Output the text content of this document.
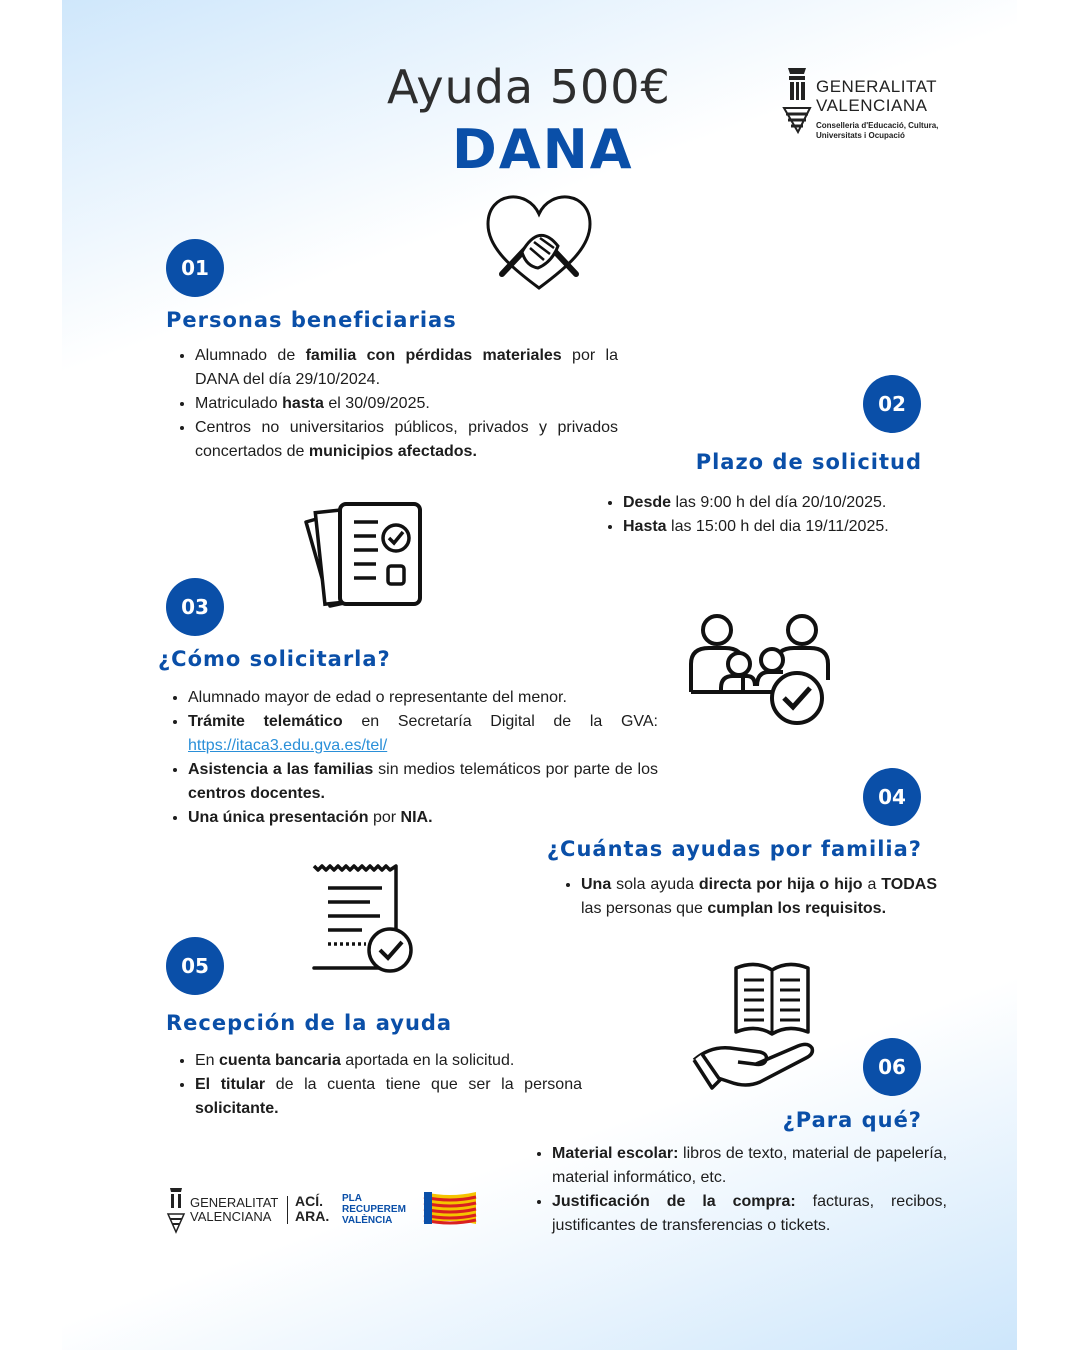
Ayuda 500€
DANA
GENERALITAT
VALENCIANA
Conselleria d'Educació, Cultura,
Universitats i Ocupació
01
Personas beneficiarias
• Alumnado de familia con pérdidas materiales por la DANA del día 29/10/2024.
• Matriculado hasta el 30/09/2025.
• Centros no universitarios públicos, privados y privados concertados de municipios afectados.
02
Plazo de solicitud
• Desde las 9:00 h del día 20/10/2025.
• Hasta las 15:00 h del dia 19/11/2025.
03
¿Cómo solicitarla?
• Alumnado mayor de edad o representante del menor.
• Trámite telemático en Secretaría Digital de la GVA: https://itaca3.edu.gva.es/tel/
• Asistencia a las familias sin medios telemáticos por parte de los centros docentes.
• Una única presentación por NIA.
04
¿Cuántas ayudas por familia?
• Una sola ayuda directa por hija o hijo a TODAS las personas que cumplan los requisitos.
05
Recepción de la ayuda
• En cuenta bancaria aportada en la solicitud.
• El titular de la cuenta tiene que ser la persona solicitante.
06
¿Para qué?
• Material escolar: libros de texto, material de papelería, material informático, etc.
• Justificación de la compra: facturas, recibos, justificantes de transferencias o tickets.
GENERALITAT
VALENCIANA
ACÍ.
ARA.
PLA
RECUPEREM
VALÈNCIA
